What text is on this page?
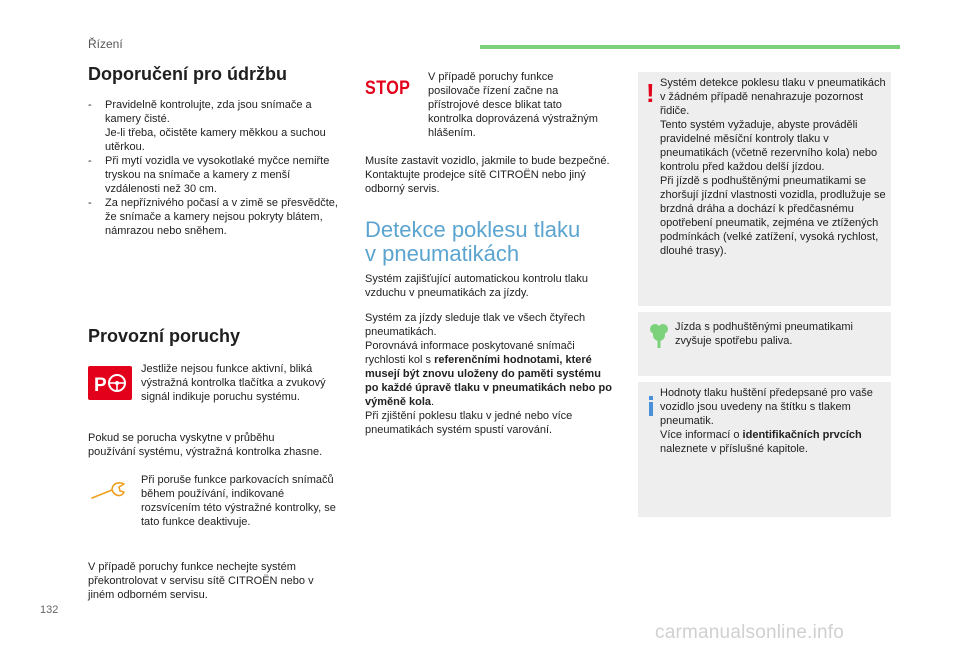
Řízení
Doporučení pro údržbu
- Pravidelně kontrolujte, zda jsou snímače a kamery čisté.
Je-li třeba, očistěte kamery měkkou a suchou utěrkou.
- Při mytí vozidla ve vysokotlaké myčce nemiřte tryskou na snímače a kamery z menší vzdálenosti než 30 cm.
- Za nepříznivého počasí a v zimě se přesvědčte, že snímače a kamery nejsou pokryty blátem, námrazou nebo sněhem.
Provozní poruchy
P
Jestliže nejsou funkce aktivní, bliká výstražná kontrolka tlačítka a zvukový signál indikuje poruchu systému.
Pokud se porucha vyskytne v průběhu používání systému, výstražná kontrolka zhasne.
Při poruše funkce parkovacích snímačů během používání, indikované rozsvícením této výstražné kontrolky, se tato funkce deaktivuje.
V případě poruchy funkce nechejte systém překontrolovat v servisu sítě CITROËN nebo v jiném odborném servisu.
STOP
V případě poruchy funkce posilovače řízení začne na přístrojové desce blikat tato kontrolka doprovázená výstražným hlášením.
Musíte zastavit vozidlo, jakmile to bude bezpečné. Kontaktujte prodejce sítě CITROËN nebo jiný odborný servis.
Detekce poklesu tlaku
v pneumatikách
Systém zajišťující automatickou kontrolu tlaku vzduchu v pneumatikách za jízdy.
Systém za jízdy sleduje tlak ve všech čtyřech pneumatikách.
Porovnává informace poskytované snímači rychlosti kol s referenčními hodnotami, které musejí být znovu uloženy do paměti systému po každé úpravě tlaku v pneumatikách nebo po výměně kola.
Při zjištění poklesu tlaku v jedné nebo více pneumatikách systém spustí varování.
! Systém detekce poklesu tlaku v pneumatikách v žádném případě nenahrazuje pozornost řidiče.
Tento systém vyžaduje, abyste prováděli pravidelné měsíční kontroly tlaku v pneumatikách (včetně rezervního kola) nebo kontrolu před každou delší jízdou.
Při jízdě s podhuštěnými pneumatikami se zhoršují jízdní vlastnosti vozidla, prodlužuje se brzdná dráha a dochází k předčasnému opotřebení pneumatik, zejména ve ztížených podmínkách (velké zatížení, vysoká rychlost, dlouhé trasy).
Jízda s podhuštěnými pneumatikami zvyšuje spotřebu paliva.
Hodnoty tlaku huštění předepsané pro vaše vozidlo jsou uvedeny na štítku s tlakem pneumatik.
Více informací o identifikačních prvcích naleznete v příslušné kapitole.
132
carmanualsonline.info
